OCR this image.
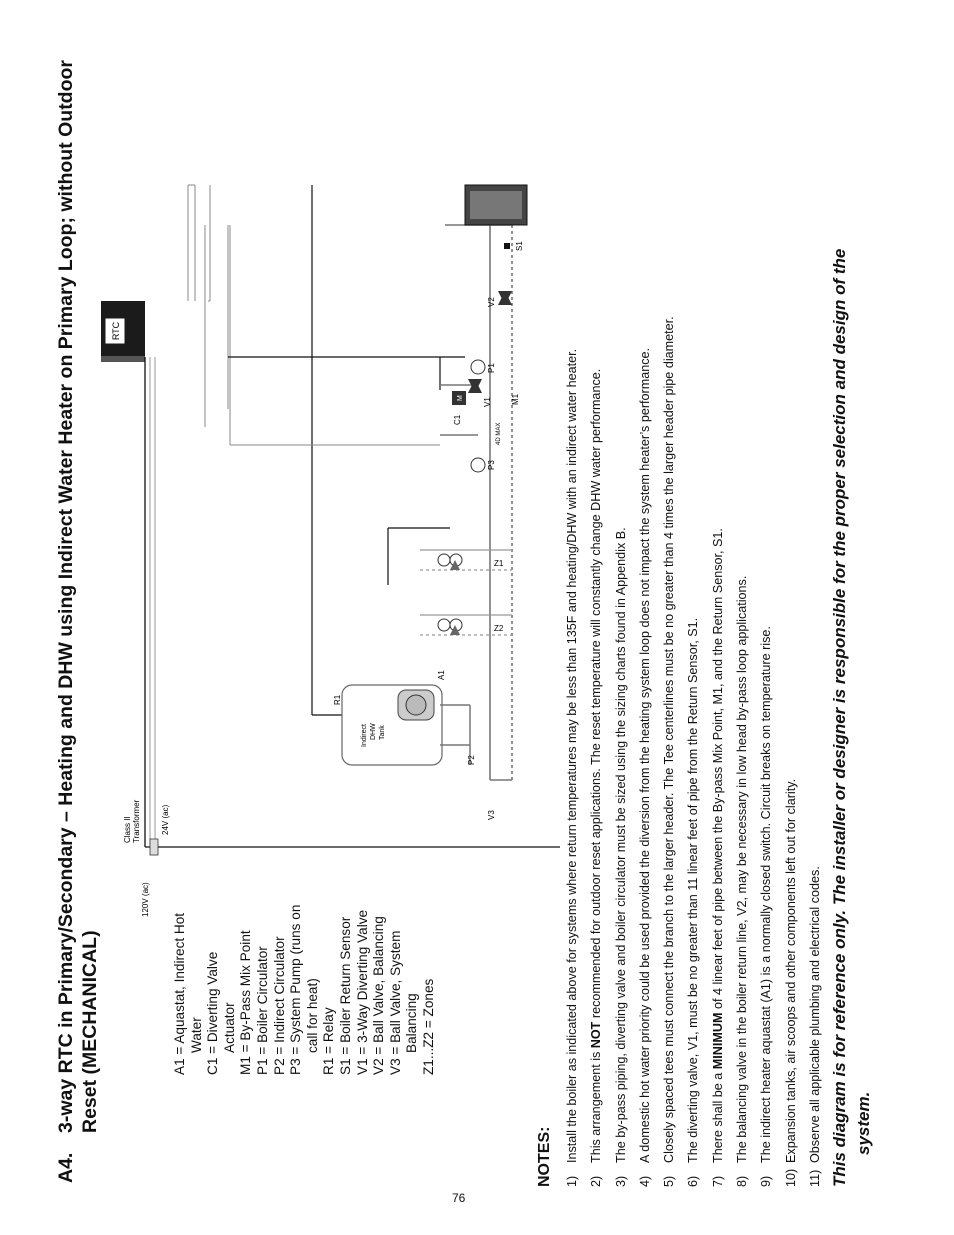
A4.
3-way RTC in Primary/Secondary – Heating and DHW using Indirect Water Heater on Primary Loop; without Outdoor Reset (MECHANICAL)	A1 = Aquastat, Indirect Hot Water C1 = Diverting Valve Actuator M1 = By-Pass Mix Point P1 = Boiler Circulator P2 = Indirect Circulator P3 = System Pump (runs on call for heat) R1 = Relay S1 = Boiler Return Sensor V1 = 3-Way Diverting Valve V2 = Ball Valve, Balancing V3 = Ball Valve, System Balancing Z1...Z2 = Zones
RTC
120V (ac)
24V (ac)
Class II Transformer
Z2
Z1
R1
Indirect DHW Tank
A1
P2
V3
P3
4D MAX
M
C1
V1 M1
P1
V2
S1
NOTES: 1)Install the boiler as indicated above for systems where return temperatures may be less than 135F and heating/DHW with an indirect water heater.
2)This arrangement is NOT recommended for outdoor reset applications. The reset temperature will constantly change DHW water performance.
3)The by-pass piping, diverting valve and boiler circulator must be sized using the sizing charts found in Appendix B.
4)A domestic hot water priority could be used provided the diversion from the heating system loop does not impact the system heater’s performance.
5)Closely spaced tees must connect the branch to the larger header. The Tee centerlines must be no greater than 4 times the larger header pipe diameter.
6)The diverting valve, V1, must be no greater than 11 linear feet of pipe from the Return Sensor, S1.
7)There shall be a MINIMUM of 4 linear feet of pipe between the By-pass Mix Point, M1, and the Return Sensor, S1.
8)The balancing valve in the boiler return line, V2, may be necessary in low head by-pass loop applications.
9)The indirect heater aquastat (A1) is a normally closed switch. Circuit breaks on temperature rise.
10)Expansion tanks, air scoops and other components left out for clarity.
11)Observe all applicable plumbing and electrical codes. This diagram is for reference only. The installer or designer is responsible for the proper selection and design of the system.
76
